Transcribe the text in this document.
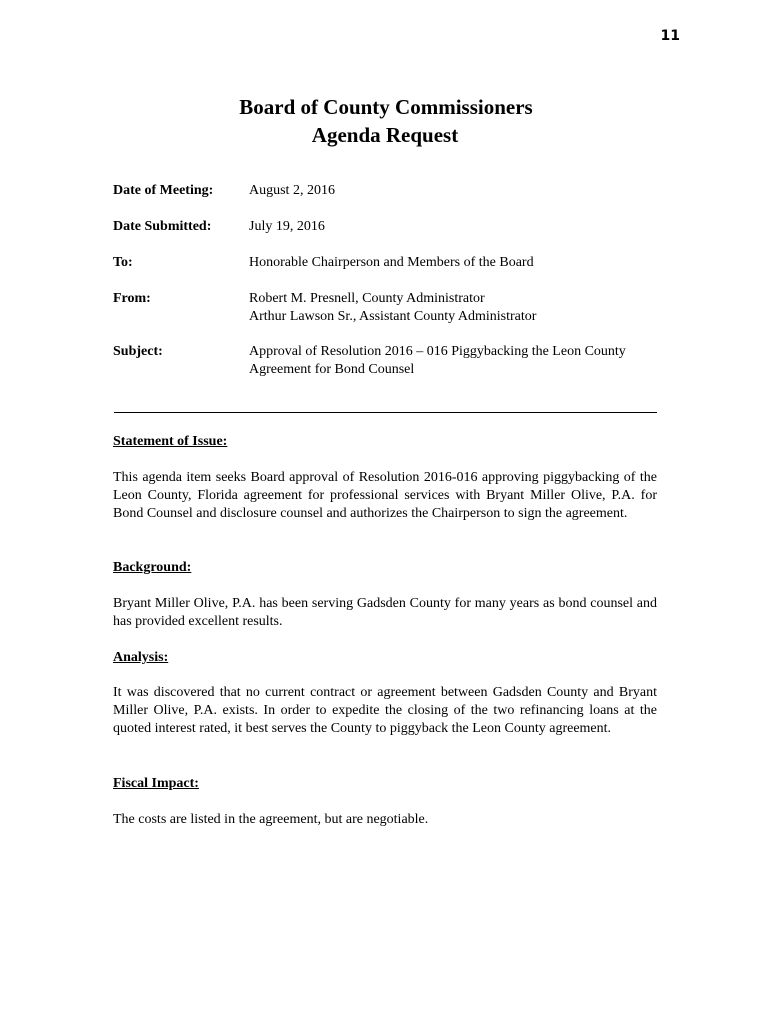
11
Board of County Commissioners
Agenda Request
Date of Meeting:	August 2, 2016
Date Submitted:	July 19, 2016
To:	Honorable Chairperson and Members of the Board
From:	Robert M. Presnell, County Administrator
Arthur Lawson Sr., Assistant County Administrator
Subject:	Approval of Resolution 2016 – 016 Piggybacking the Leon County
Agreement for Bond Counsel
Statement of Issue:
This agenda item seeks Board approval of Resolution 2016-016 approving piggybacking of the Leon County, Florida agreement for professional services with Bryant Miller Olive, P.A. for Bond Counsel and disclosure counsel and authorizes the Chairperson to sign the agreement.
Background:
Bryant Miller Olive, P.A. has been serving Gadsden County for many years as bond counsel and has provided excellent results.
Analysis:
It was discovered that no current contract or agreement between Gadsden County and Bryant Miller Olive, P.A. exists. In order to expedite the closing of the two refinancing loans at the quoted interest rated, it best serves the County to piggyback the Leon County agreement.
Fiscal Impact:
The costs are listed in the agreement, but are negotiable.
